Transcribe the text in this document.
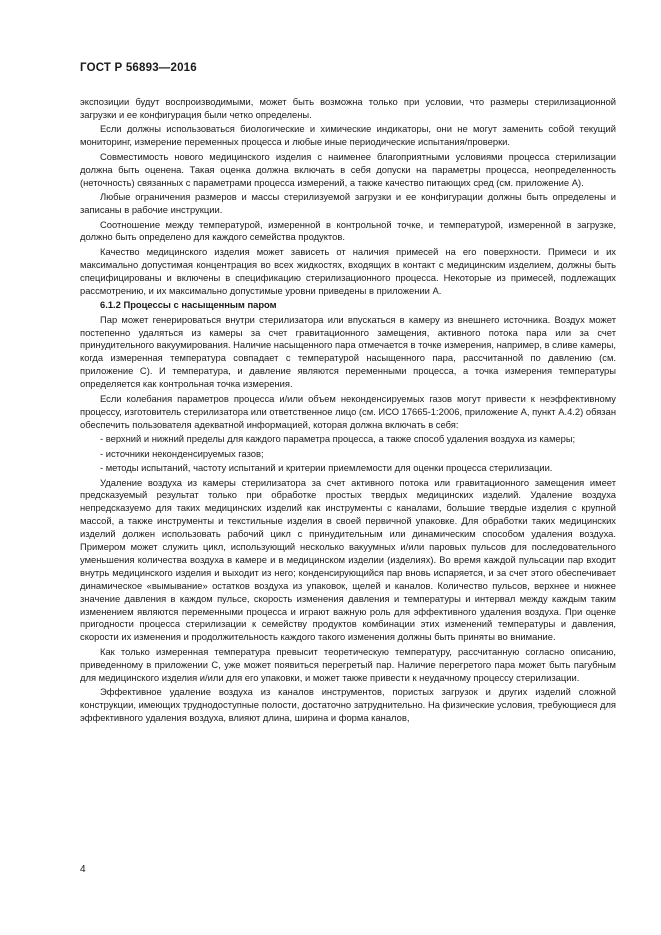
ГОСТ Р 56893—2016

экспозиции будут воспроизводимыми, может быть возможна только при условии, что размеры стерилизационной загрузки и ее конфигурация были четко определены.

Если должны использоваться биологические и химические индикаторы, они не могут заменить собой текущий мониторинг, измерение переменных процесса и любые иные периодические испытания/проверки.

Совместимость нового медицинского изделия с наименее благоприятными условиями процесса стерилизации должна быть оценена. Такая оценка должна включать в себя допуски на параметры процесса, неопределенность (неточность) связанных с параметрами процесса измерений, а также качество питающих сред (см. приложение А).

Любые ограничения размеров и массы стерилизуемой загрузки и ее конфигурации должны быть определены и записаны в рабочие инструкции.

Соотношение между температурой, измеренной в контрольной точке, и температурой, измеренной в загрузке, должно быть определено для каждого семейства продуктов.

Качество медицинского изделия может зависеть от наличия примесей на его поверхности. Примеси и их максимально допустимая концентрация во всех жидкостях, входящих в контакт с медицинским изделием, должны быть специфицированы и включены в спецификацию стерилизационного процесса. Некоторые из примесей, подлежащих рассмотрению, и их максимально допустимые уровни приведены в приложении А.

6.1.2 Процессы с насыщенным паром

Пар может генерироваться внутри стерилизатора или впускаться в камеру из внешнего источника. Воздух может постепенно удаляться из камеры за счет гравитационного замещения, активного потока пара или за счет принудительного вакуумирования. Наличие насыщенного пара отмечается в точке измерения, например, в сливе камеры, когда измеренная температура совпадает с температурой насыщенного пара, рассчитанной по давлению (см. приложение С). И температура, и давление являются переменными процесса, а точка измерения температуры определяется как контрольная точка измерения.

Если колебания параметров процесса и/или объем неконденсируемых газов могут привести к неэффективному процессу, изготовитель стерилизатора или ответственное лицо (см. ИСО 17665-1:2006, приложение А, пункт А.4.2) обязан обеспечить пользователя адекватной информацией, которая должна включать в себя:

- верхний и нижний пределы для каждого параметра процесса, а также способ удаления воздуха из камеры;

- источники неконденсируемых газов;

- методы испытаний, частоту испытаний и критерии приемлемости для оценки процесса стерилизации.

Удаление воздуха из камеры стерилизатора за счет активного потока или гравитационного замещения имеет предсказуемый результат только при обработке простых твердых медицинских изделий. Удаление воздуха непредсказуемо для таких медицинских изделий как инструменты с каналами, большие твердые изделия с крупной массой, а также инструменты и текстильные изделия в своей первичной упаковке. Для обработки таких медицинских изделий должен использовать рабочий цикл с принудительным или динамическим способом удаления воздуха. Примером может служить цикл, использующий несколько вакуумных и/или паровых пульсов для последовательного уменьшения количества воздуха в камере и в медицинском изделии (изделиях). Во время каждой пульсации пар входит внутрь медицинского изделия и выходит из него; конденсирующийся пар вновь испаряется, и за счет этого обеспечивает динамическое «вымывание» остатков воздуха из упаковок, щелей и каналов. Количество пульсов, верхнее и нижнее значение давления в каждом пульсе, скорость изменения давления и температуры и интервал между каждым таким изменением являются переменными процесса и играют важную роль для эффективного удаления воздуха. При оценке пригодности процесса стерилизации к семейству продуктов комбинации этих изменений температуры и давления, скорости их изменения и продолжительность каждого такого изменения должны быть приняты во внимание.

Как только измеренная температура превысит теоретическую температуру, рассчитанную согласно описанию, приведенному в приложении С, уже может появиться перегретый пар. Наличие перегретого пара может быть пагубным для медицинского изделия и/или для его упаковки, и может также привести к неудачному процессу стерилизации.

Эффективное удаление воздуха из каналов инструментов, пористых загрузок и других изделий сложной конструкции, имеющих труднодоступные полости, достаточно затруднительно. На физические условия, требующиеся для эффективного удаления воздуха, влияют длина, ширина и форма каналов,

4
